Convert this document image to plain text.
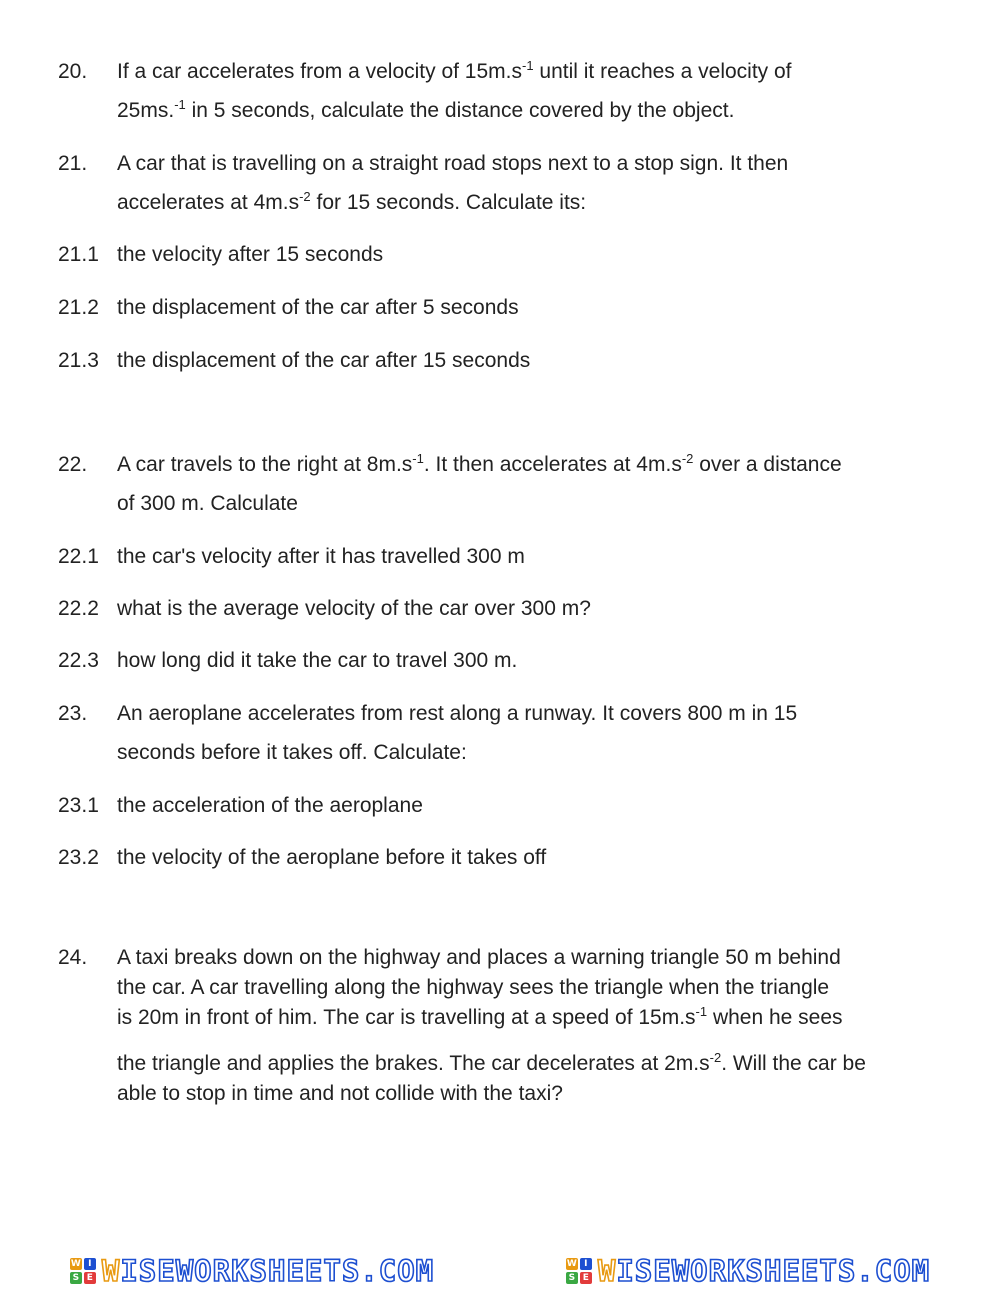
20. If a car accelerates from a velocity of $15m.s^{-1}$ until it reaches a velocity of
25ms.$^{-1}$ in 5 seconds, calculate the distance covered by the object.
21. A car that is travelling on a straight road stops next to a stop sign. It then
accelerates at $4m.s^{-2}$ for 15 seconds. Calculate its:
21.1 the velocity after 15 seconds
21.2 the displacement of the car after 5 seconds
21.3 the displacement of the car after 15 seconds
22. A car travels to the right at $8m.s^{-1}$. It then accelerates at $4m.s^{-2}$ over a distance
of 300 m. Calculate
22.1 the car's velocity after it has travelled 300 m
22.2 what is the average velocity of the car over 300 m?
22.3 how long did it take the car to travel 300 m.
23. An aeroplane accelerates from rest along a runway. It covers 800 m in 15
seconds before it takes off. Calculate:
23.1 the acceleration of the aeroplane
23.2 the velocity of the aeroplane before it takes off
24. A taxi breaks down on the highway and places a warning triangle 50 m behind
the car. A car travelling along the highway sees the triangle when the triangle
is 20m in front of him. The car is travelling at a speed of $15m.s^{-1}$ when he sees
the triangle and applies the brakes. The car decelerates at $2m.s^{-2}$. Will the car be
able to stop in time and not collide with the taxi?
W I
S E WISEWORKSHEETS.COM	W I
S E WISEWORKSHEETS.COM
